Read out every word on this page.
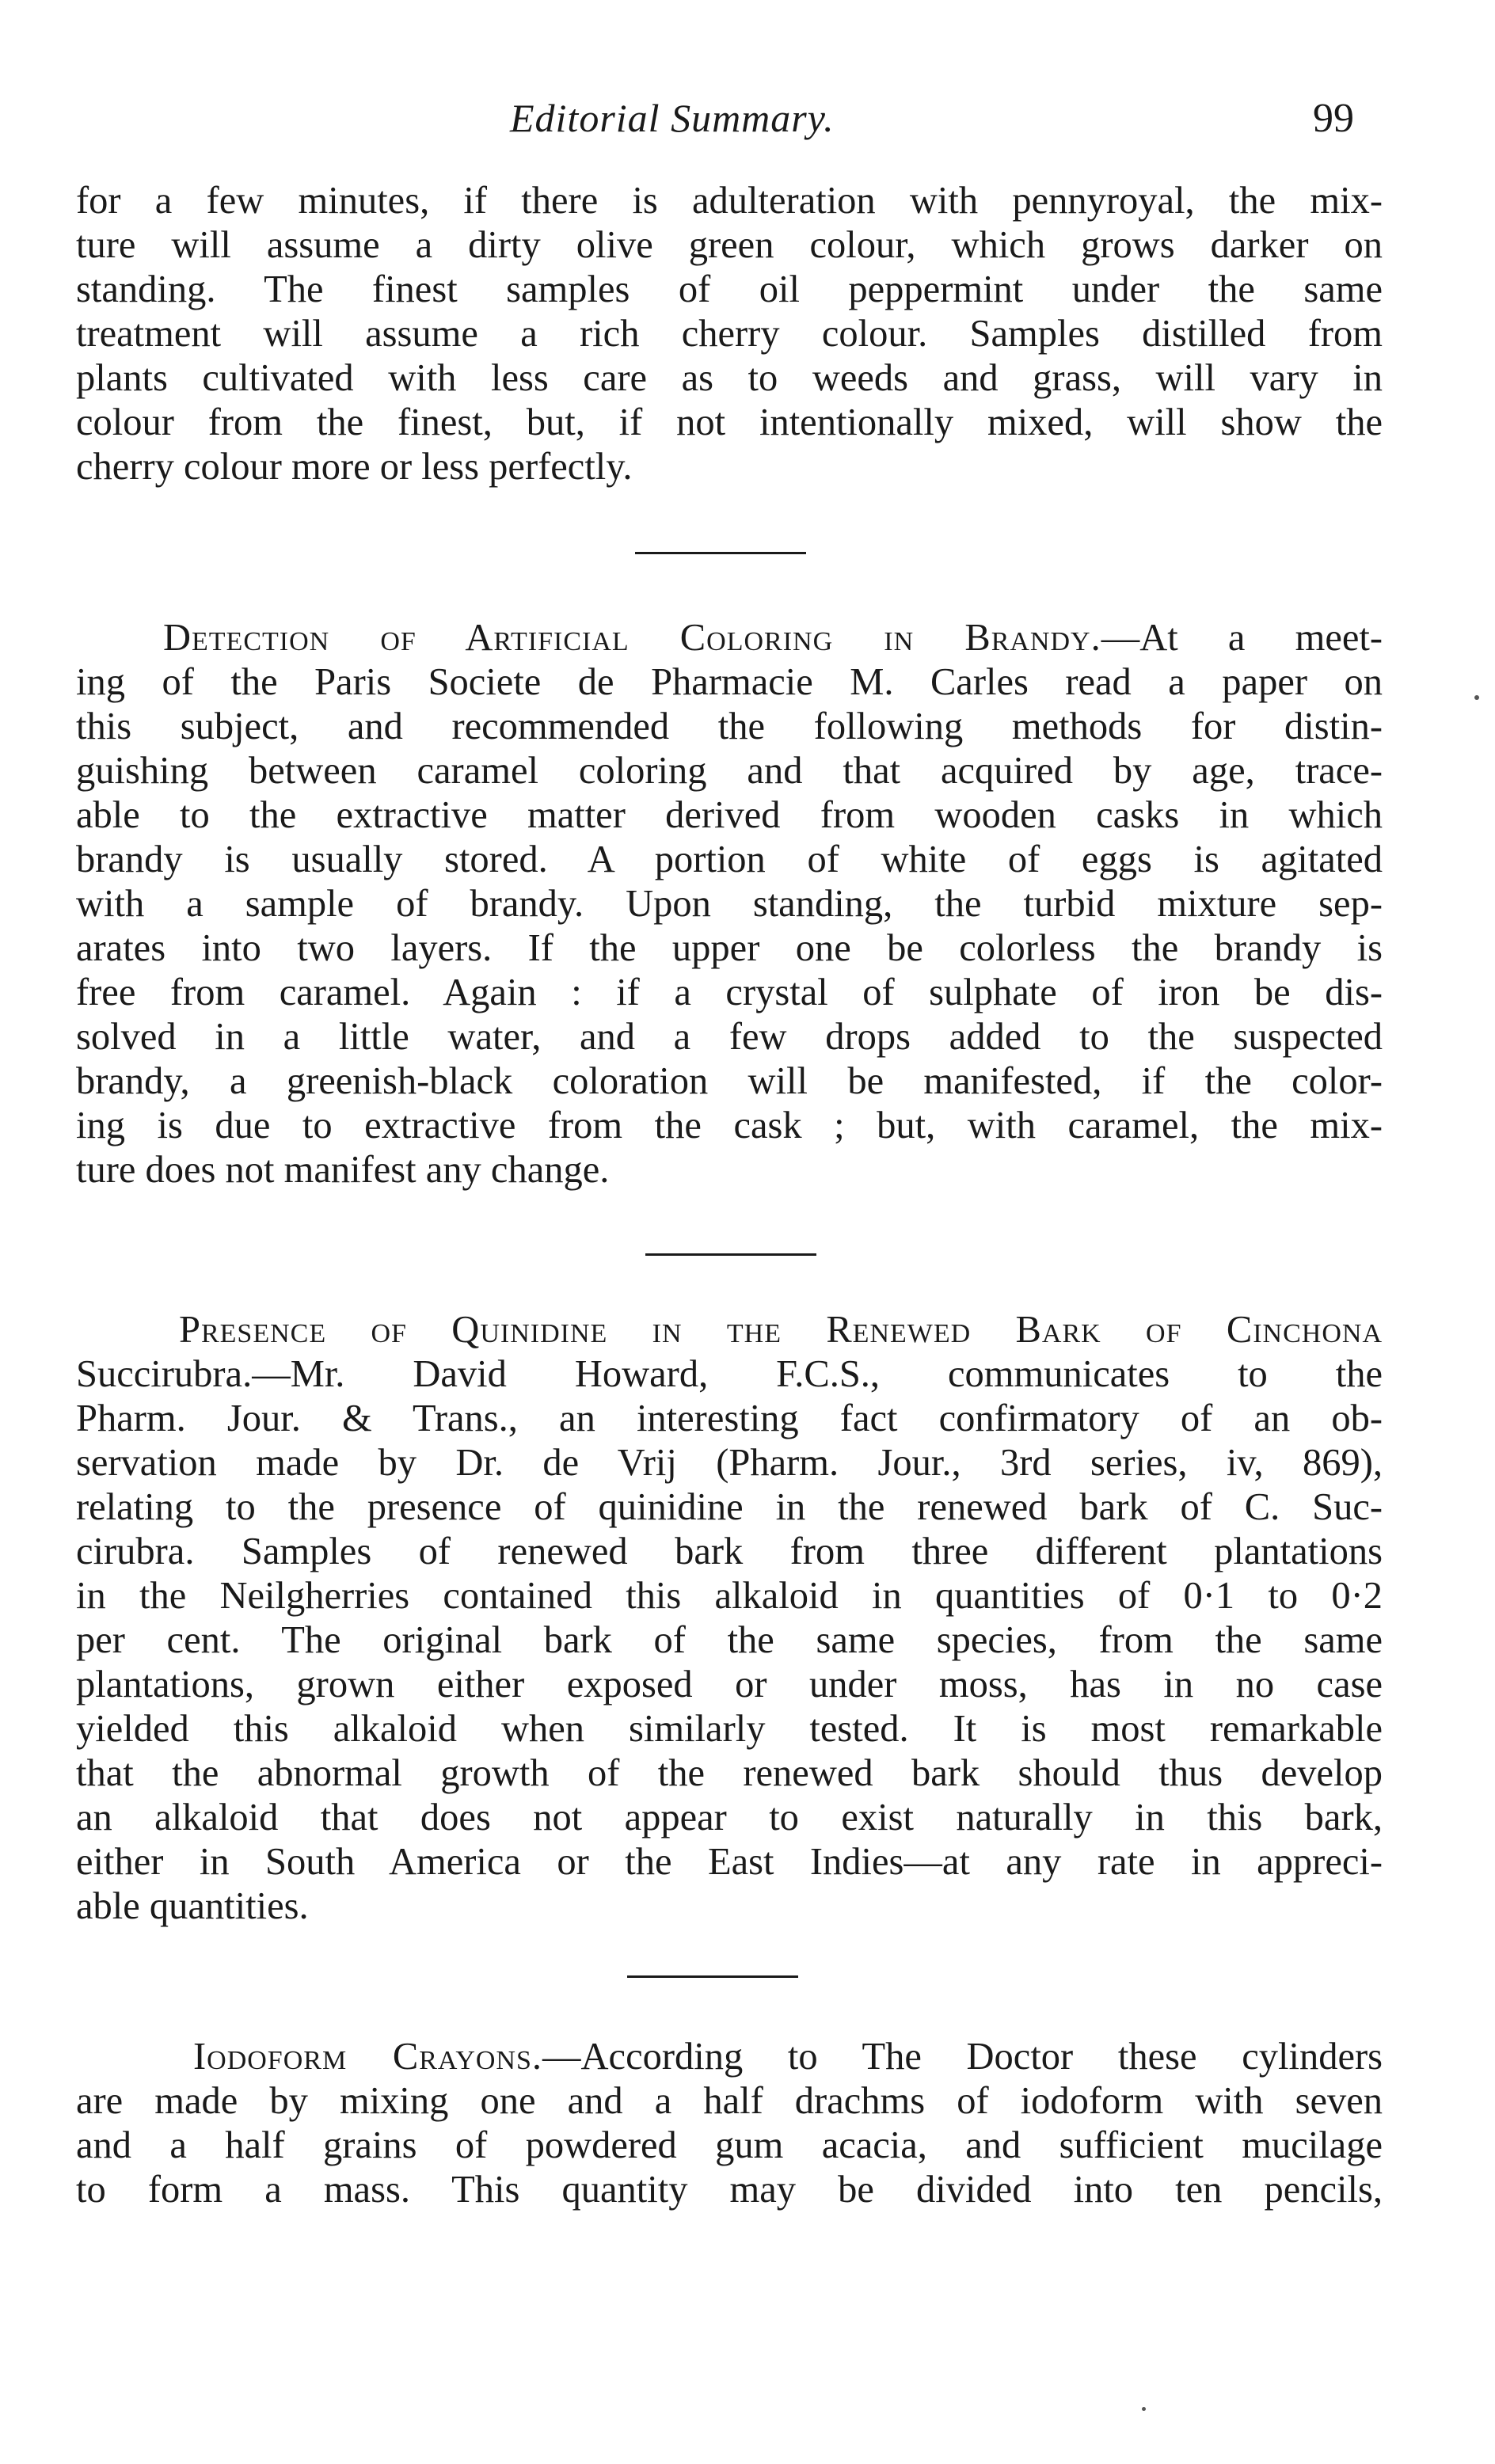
Editorial Summary.	99
for a few minutes, if there is adulteration with pennyroyal, the mix-
ture will assume a dirty olive green colour, which grows darker on
standing. The finest samples of oil peppermint under the same
treatment will assume a rich cherry colour. Samples distilled from
plants cultivated with less care as to weeds and grass, will vary in
colour from the finest, but, if not intentionally mixed, will show the
cherry colour more or less perfectly.
Detection of Artificial Coloring in Brandy.—At a meet-
ing of the Paris Societe de Pharmacie M. Carles read a paper on
this subject, and recommended the following methods for distin-
guishing between caramel coloring and that acquired by age, trace-
able to the extractive matter derived from wooden casks in which
brandy is usually stored. A portion of white of eggs is agitated
with a sample of brandy. Upon standing, the turbid mixture sep-
arates into two layers. If the upper one be colorless the brandy is
free from caramel. Again : if a crystal of sulphate of iron be dis-
solved in a little water, and a few drops added to the suspected
brandy, a greenish-black coloration will be manifested, if the color-
ing is due to extractive from the cask ; but, with caramel, the mix-
ture does not manifest any change.
Presence of Quinidine in the Renewed Bark of Cinchona
Succirubra.—Mr. David Howard, F.C.S., communicates to the
Pharm. Jour. & Trans., an interesting fact confirmatory of an ob-
servation made by Dr. de Vrij (Pharm. Jour., 3rd series, iv, 869),
relating to the presence of quinidine in the renewed bark of C. Suc-
cirubra. Samples of renewed bark from three different plantations
in the Neilgherries contained this alkaloid in quantities of 0·1 to 0·2
per cent. The original bark of the same species, from the same
plantations, grown either exposed or under moss, has in no case
yielded this alkaloid when similarly tested. It is most remarkable
that the abnormal growth of the renewed bark should thus develop
an alkaloid that does not appear to exist naturally in this bark,
either in South America or the East Indies—at any rate in appreci-
able quantities.
Iodoform Crayons.—According to The Doctor these cylinders
are made by mixing one and a half drachms of iodoform with seven
and a half grains of powdered gum acacia, and sufficient mucilage
to form a mass. This quantity may be divided into ten pencils,
